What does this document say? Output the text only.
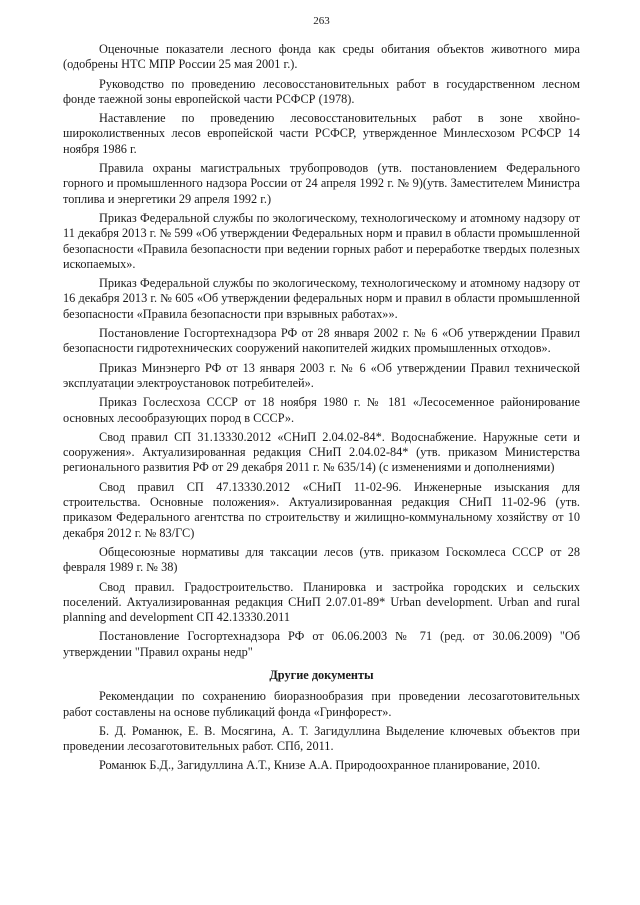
263

Оценочные показатели лесного фонда как среды обитания объектов животного мира (одобрены НТС МПР России 25 мая 2001 г.).

Руководство по проведению лесовосстановительных работ в государственном лесном фонде таежной зоны европейской части РСФСР (1978).

Наставление по проведению лесовосстановительных работ в зоне хвойно-широколиственных лесов европейской части РСФСР, утвержденное Минлесхозом РСФСР 14 ноября 1986 г.

Правила охраны магистральных трубопроводов (утв. постановлением Федерального горного и промышленного надзора России от 24 апреля 1992 г. № 9)(утв. Заместителем Министра топлива и энергетики 29 апреля 1992 г.)

Приказ Федеральной службы по экологическому, технологическому и атомному надзору от 11 декабря 2013 г. № 599 «Об утверждении Федеральных норм и правил в области промышленной безопасности «Правила безопасности при ведении горных работ и переработке твердых полезных ископаемых».

Приказ Федеральной службы по экологическому, технологическому и атомному надзору от 16 декабря 2013 г. № 605 «Об утверждении федеральных норм и правил в области промышленной безопасности «Правила безопасности при взрывных работах»».

Постановление Госгортехнадзора РФ от 28 января 2002 г. № 6 «Об утверждении Правил безопасности гидротехнических сооружений накопителей жидких промышленных отходов».

Приказ Минэнерго РФ от 13 января 2003 г. № 6 «Об утверждении Правил технической эксплуатации электроустановок потребителей».

Приказ Гослесхоза СССР от 18 ноября 1980 г. № 181 «Лесосеменное районирование основных лесообразующих пород в СССР».

Свод правил СП 31.13330.2012 «СНиП 2.04.02-84*. Водоснабжение. Наружные сети и сооружения». Актуализированная редакция СНиП 2.04.02-84* (утв. приказом Министерства регионального развития РФ от 29 декабря 2011 г. № 635/14) (с изменениями и дополнениями)

Свод правил СП 47.13330.2012 «СНиП 11-02-96. Инженерные изыскания для строительства. Основные положения». Актуализированная редакция СНиП 11-02-96 (утв. приказом Федерального агентства по строительству и жилищно-коммунальному хозяйству от 10 декабря 2012 г. № 83/ГС)

Общесоюзные нормативы для таксации лесов (утв. приказом Госкомлеса СССР от 28 февраля 1989 г. № 38)

Свод правил. Градостроительство. Планировка и застройка городских и сельских поселений. Актуализированная редакция СНиП 2.07.01-89* Urban development. Urban and rural planning and development СП 42.13330.2011

Постановление Госгортехнадзора РФ от 06.06.2003 № 71 (ред. от 30.06.2009) "Об утверждении "Правил охраны недр"

Другие документы

Рекомендации по сохранению биоразнообразия при проведении лесозаготовительных работ составлены на основе публикаций фонда «Гринфорест».

Б. Д. Романюк, Е. В. Мосягина, А. Т. Загидуллина Выделение ключевых объектов при проведении лесозаготовительных работ. СПб, 2011.

Романюк Б.Д., Загидуллина А.Т., Книзе А.А. Природоохранное планирование, 2010.
